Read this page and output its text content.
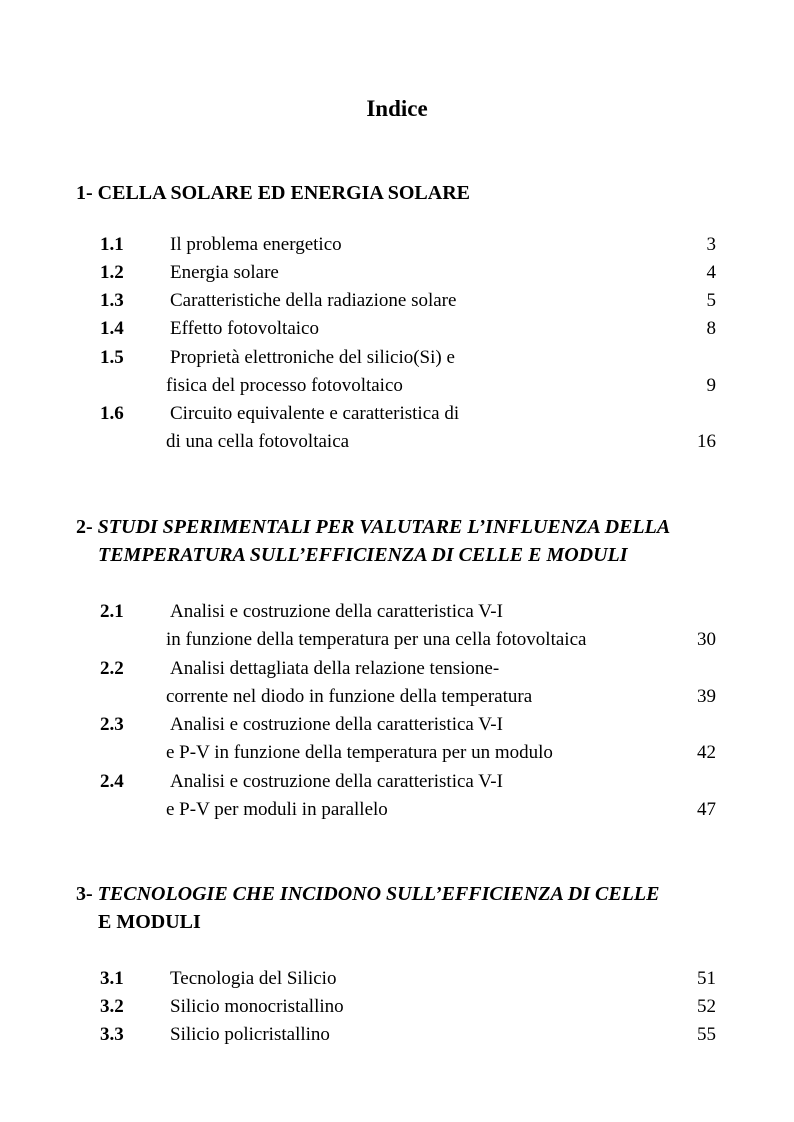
Indice
1- CELLA SOLARE ED ENERGIA SOLARE
1.1 Il problema energetico	3
1.2 Energia solare	4
1.3 Caratteristiche della radiazione solare	5
1.4 Effetto fotovoltaico	8
1.5 Proprietà elettroniche del silicio(Si) e
fisica del processo fotovoltaico	9
1.6 Circuito equivalente e caratteristica di
di una cella fotovoltaica	16
2- STUDI SPERIMENTALI PER VALUTARE L’INFLUENZA DELLA
TEMPERATURA SULL’EFFICIENZA DI CELLE E MODULI
2.1 Analisi e costruzione della caratteristica V-I
in funzione della temperatura per una cella fotovoltaica	30
2.2 Analisi dettagliata della relazione tensione-
corrente nel diodo in funzione della temperatura	39
2.3 Analisi e costruzione della caratteristica V-I
e P-V in funzione della temperatura per un modulo	42
2.4 Analisi e costruzione della caratteristica V-I
e P-V per moduli in parallelo	47
3- TECNOLOGIE CHE INCIDONO SULL’EFFICIENZA DI CELLE
E MODULI
3.1 Tecnologia del Silicio	51
3.2 Silicio monocristallino	52
3.3 Silicio policristallino	55
